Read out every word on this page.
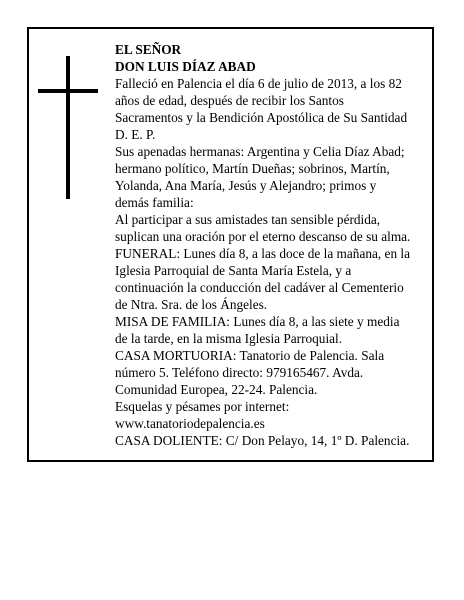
EL SEÑOR
DON LUIS DÍAZ ABAD
Falleció en Palencia el día 6 de julio de 2013, a los 82
años de edad, después de recibir los Santos
Sacramentos y la Bendición Apostólica de Su Santidad
D. E. P.
Sus apenadas hermanas: Argentina y Celia Díaz Abad;
hermano político, Martín Dueñas; sobrinos, Martín,
Yolanda, Ana María, Jesús y Alejandro; primos y
demás familia:
Al participar a sus amistades tan sensible pérdida,
suplican una oración por el eterno descanso de su alma.
FUNERAL: Lunes día 8, a las doce de la mañana, en la
Iglesia Parroquial de Santa María Estela, y a
continuación la conducción del cadáver al Cementerio
de Ntra. Sra. de los Ángeles.
MISA DE FAMILIA: Lunes día 8, a las siete y media
de la tarde, en la misma Iglesia Parroquial.
CASA MORTUORIA: Tanatorio de Palencia. Sala
número 5. Teléfono directo: 979165467. Avda.
Comunidad Europea, 22-24. Palencia.
Esquelas y pésames por internet:
www.tanatoriodepalencia.es
CASA DOLIENTE: C/ Don Pelayo, 14, 1º D. Palencia.
